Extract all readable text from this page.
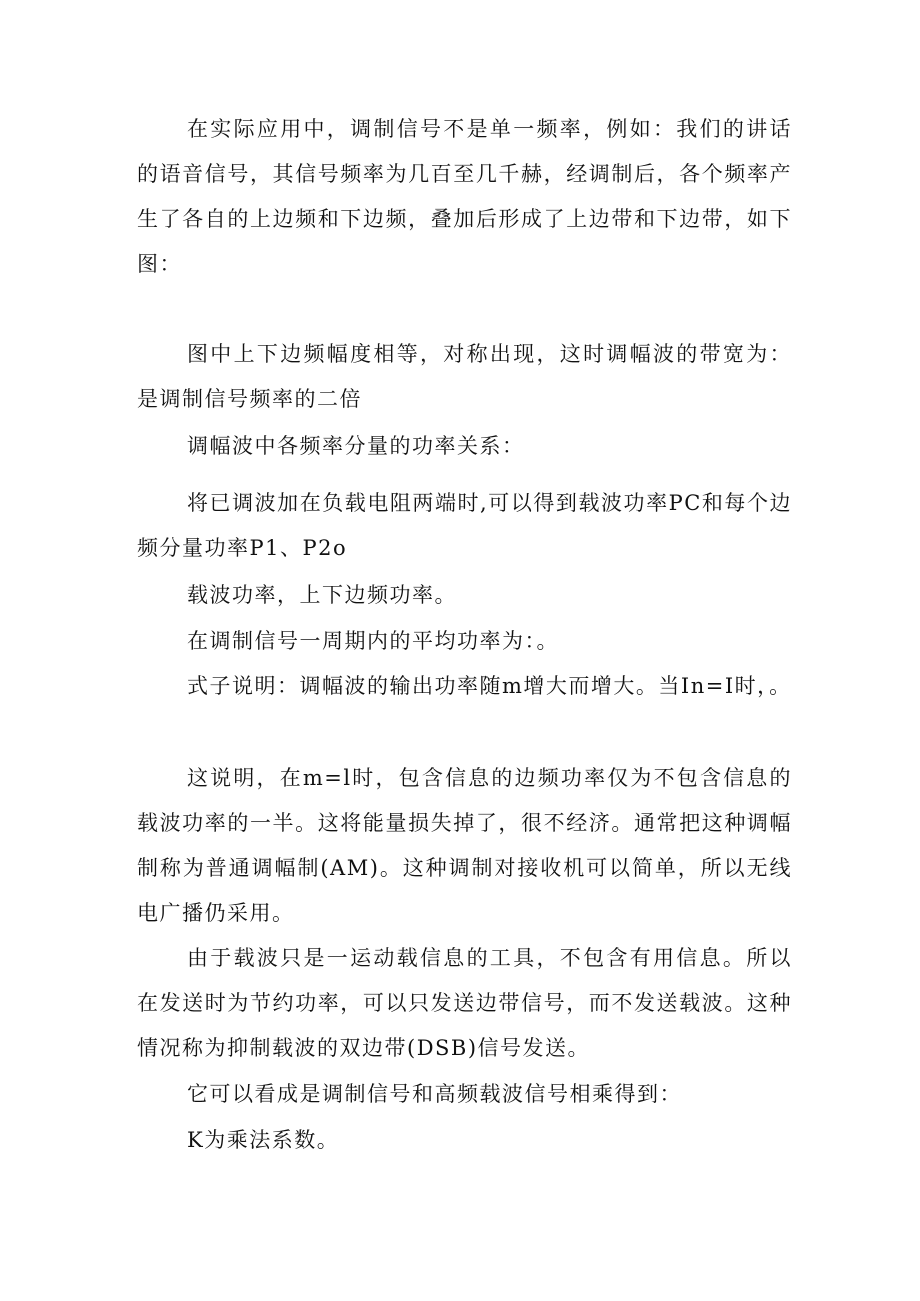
在实际应用中，调制信号不是单一频率，例如：我们的讲话的语音信号，其信号频率为几百至几千赫，经调制后，各个频率产生了各自的上边频和下边频，叠加后形成了上边带和下边带，如下图：

图中上下边频幅度相等，对称出现，这时调幅波的带宽为：是调制信号频率的二倍

调幅波中各频率分量的功率关系：

将已调波加在负载电阻两端时,可以得到载波功率PC和每个边频分量功率P1、P2o

载波功率，上下边频功率。

在调制信号一周期内的平均功率为：。

式子说明：调幅波的输出功率随m增大而增大。当In=I时，。

这说明，在m=l时，包含信息的边频功率仅为不包含信息的载波功率的一半。这将能量损失掉了，很不经济。通常把这种调幅制称为普通调幅制(AM)。这种调制对接收机可以简单，所以无线电广播仍采用。

由于载波只是一运动载信息的工具，不包含有用信息。所以在发送时为节约功率，可以只发送边带信号，而不发送载波。这种情况称为抑制载波的双边带(DSB)信号发送。

它可以看成是调制信号和高频载波信号相乘得到：

K为乘法系数。
